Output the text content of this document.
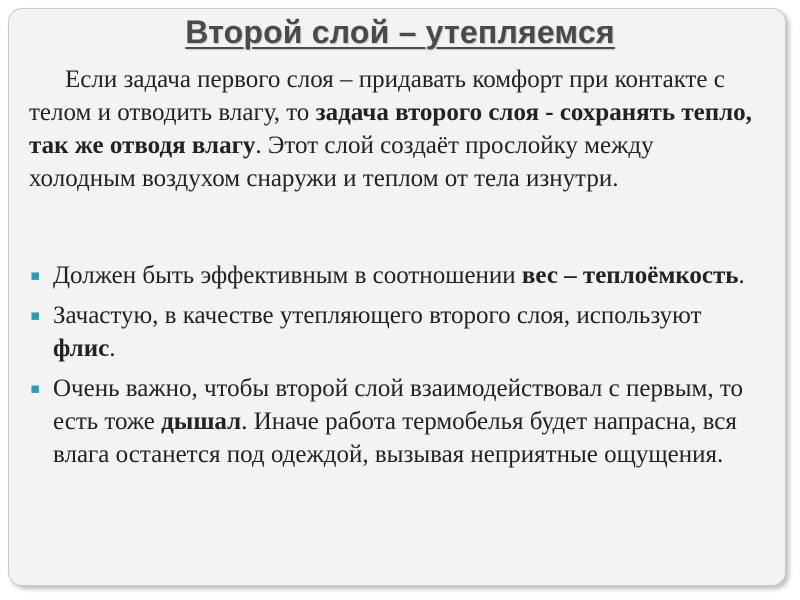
Второй слой – утепляемся

Если задача первого слоя – придавать комфорт при контакте с телом и отводить влагу, то задача второго слоя - сохранять тепло, так же отводя влагу. Этот слой создаёт прослойку между холодным воздухом снаружи и теплом от тела изнутри.

▪ Должен быть эффективным в соотношении вес – теплоёмкость.
▪ Зачастую, в качестве утепляющего второго слоя, используют флис.
▪ Очень важно, чтобы второй слой взаимодействовал с первым, то есть тоже дышал. Иначе работа термобелья будет напрасна, вся влага останется под одеждой, вызывая неприятные ощущения.
